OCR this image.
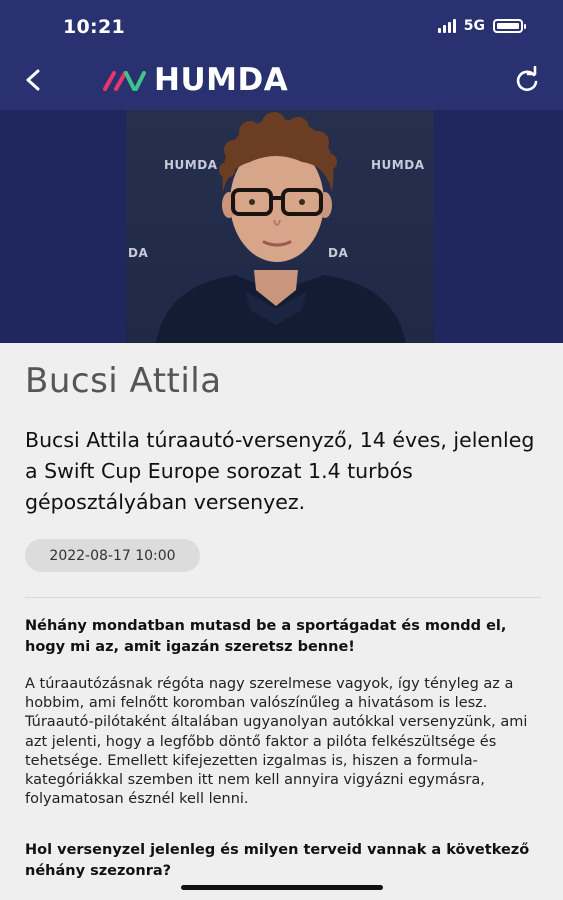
10:21	5G
HUMDA
HUMDA	HUMDA
DA	DA
Bucsi Attila

Bucsi Attila túraautó-versenyző, 14 éves, jelenleg a Swift Cup Europe sorozat 1.4 turbós géposztályában versenyez.

2022-08-17 10:00

Néhány mondatban mutasd be a sportágadat és mondd el, hogy mi az, amit igazán szeretsz benne!

A túraautózásnak régóta nagy szerelmese vagyok, így tényleg az a hobbim, ami felnőtt koromban valószínűleg a hivatásom is lesz. Túraautó-pilótaként általában ugyanolyan autókkal versenyzünk, ami azt jelenti, hogy a legfőbb döntő faktor a pilóta felkészültsége és tehetsége. Emellett kifejezetten izgalmas is, hiszen a formula-kategóriákkal szemben itt nem kell annyira vigyázni egymásra, folyamatosan észnél kell lenni.

Hol versenyzel jelenleg és milyen terveid vannak a következő néhány szezonra?
